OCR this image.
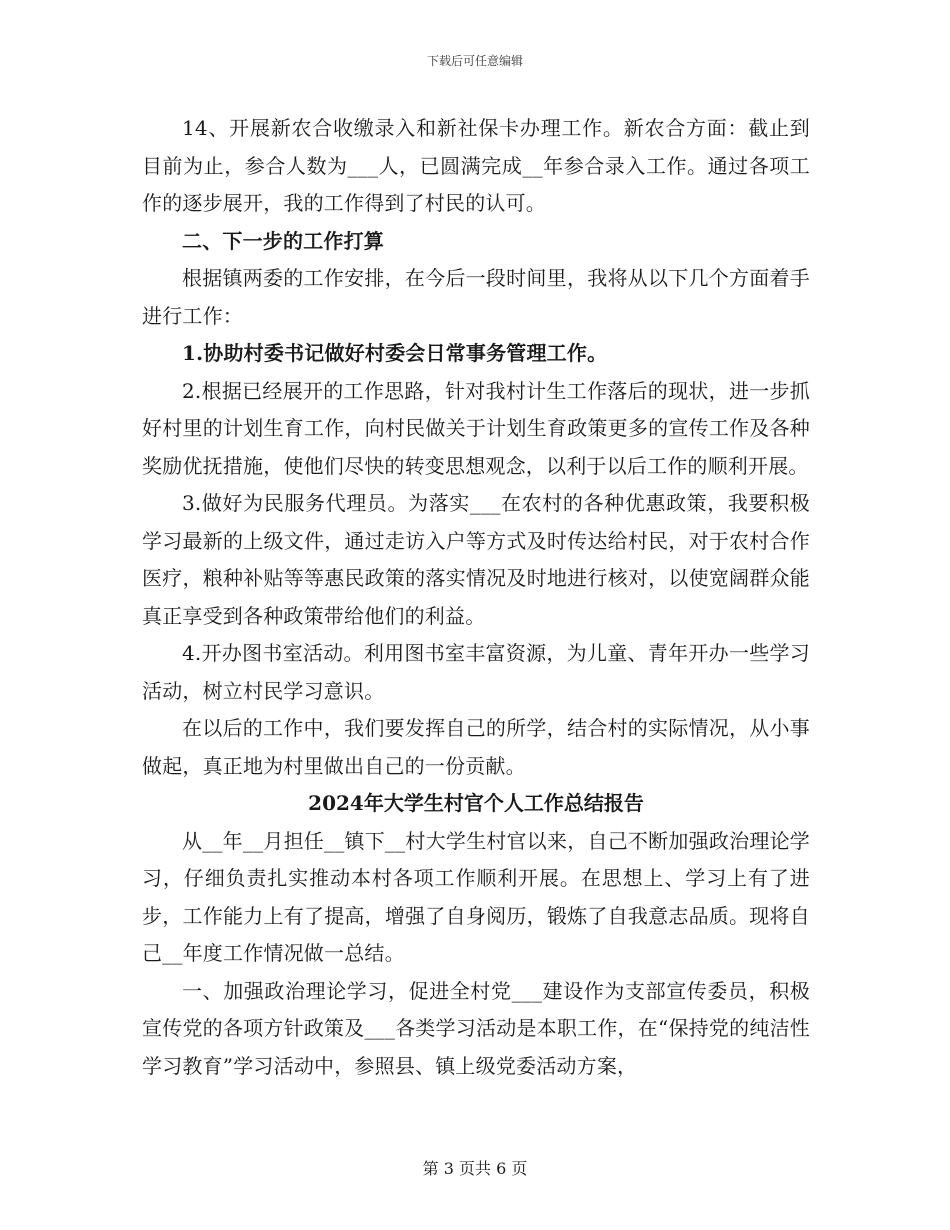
下载后可任意编辑

14、开展新农合收缴录入和新社保卡办理工作。新农合方面：截止到目前为止，参合人数为___人，已圆满完成__年参合录入工作。通过各项工作的逐步展开，我的工作得到了村民的认可。

二、下一步的工作打算

根据镇两委的工作安排，在今后一段时间里，我将从以下几个方面着手进行工作：

1.协助村委书记做好村委会日常事务管理工作。

2.根据已经展开的工作思路，针对我村计生工作落后的现状，进一步抓好村里的计划生育工作，向村民做关于计划生育政策更多的宣传工作及各种奖励优抚措施，使他们尽快的转变思想观念，以利于以后工作的顺利开展。

3.做好为民服务代理员。为落实___在农村的各种优惠政策，我要积极学习最新的上级文件，通过走访入户等方式及时传达给村民，对于农村合作医疗，粮种补贴等等惠民政策的落实情况及时地进行核对，以使宽阔群众能真正享受到各种政策带给他们的利益。

4.开办图书室活动。利用图书室丰富资源，为儿童、青年开办一些学习活动，树立村民学习意识。

在以后的工作中，我们要发挥自己的所学，结合村的实际情况，从小事做起，真正地为村里做出自己的一份贡献。

2024年大学生村官个人工作总结报告

从__年__月担任__镇下__村大学生村官以来，自己不断加强政治理论学习，仔细负责扎实推动本村各项工作顺利开展。在思想上、学习上有了进步，工作能力上有了提高，增强了自身阅历，锻炼了自我意志品质。现将自己__年度工作情况做一总结。

一、加强政治理论学习，促进全村党___建设作为支部宣传委员，积极宣传党的各项方针政策及___各类学习活动是本职工作，在“保持党的纯洁性学习教育”学习活动中，参照县、镇上级党委活动方案，

第 3 页共 6 页
